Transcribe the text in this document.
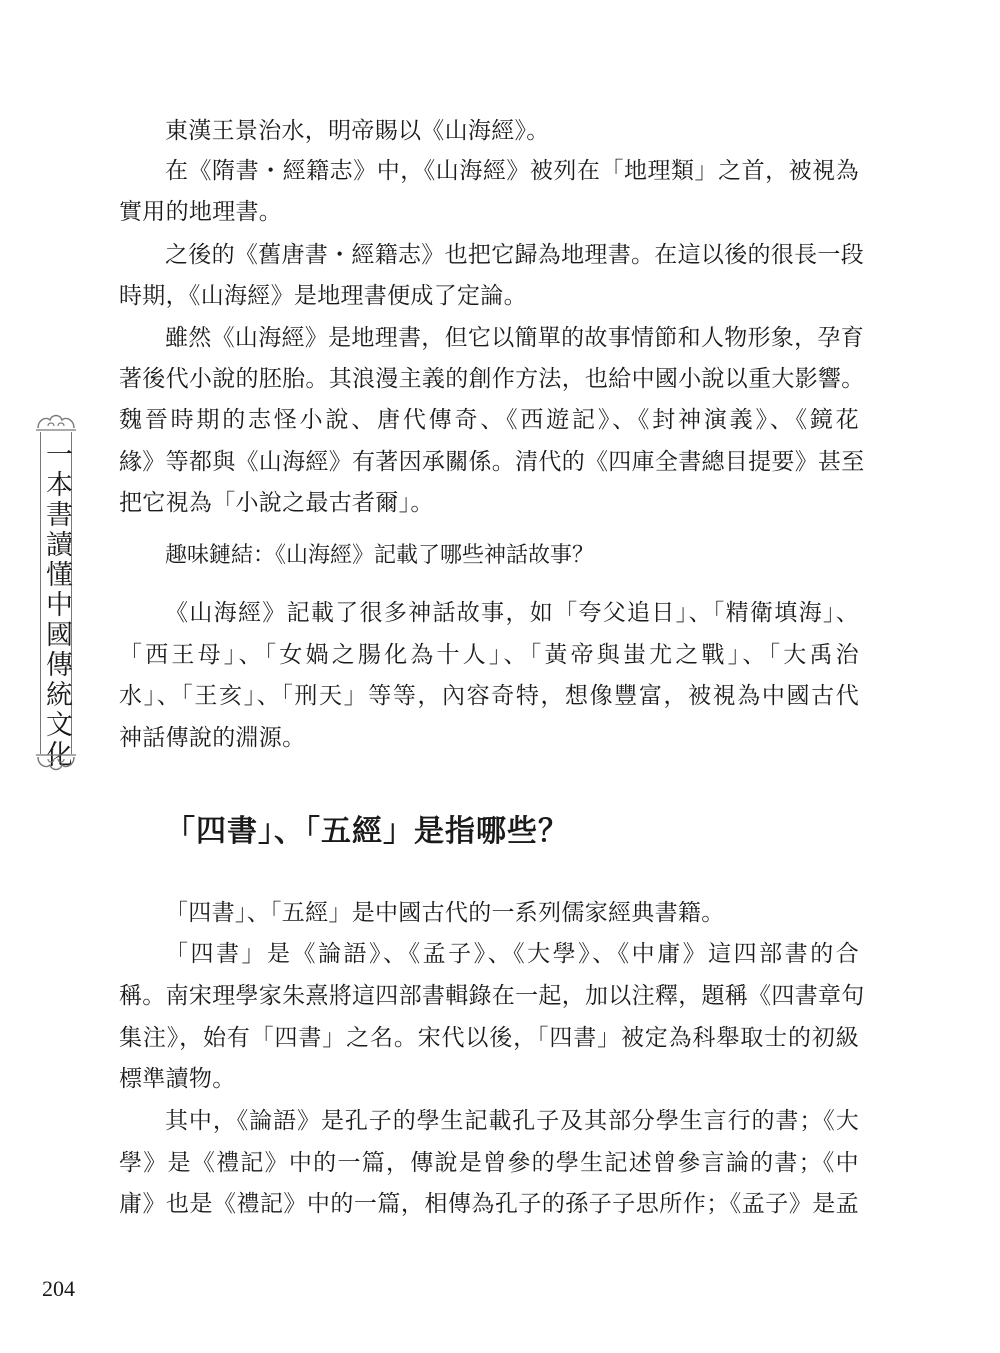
東漢王景治水，明帝賜以《山海經》。
在《隋書・經籍志》中，《山海經》被列在「地理類」之首，被視為
實用的地理書。
之後的《舊唐書・經籍志》也把它歸為地理書。在這以後的很長一段
時期，《山海經》是地理書便成了定論。
雖然《山海經》是地理書，但它以簡單的故事情節和人物形象，孕育
著後代小說的胚胎。其浪漫主義的創作方法，也給中國小說以重大影響。
魏晉時期的志怪小說、唐代傳奇、《西遊記》、《封神演義》、《鏡花
緣》等都與《山海經》有著因承關係。清代的《四庫全書總目提要》甚至
把它視為「小說之最古者爾」。
趣味鏈結：《山海經》記載了哪些神話故事？
《山海經》記載了很多神話故事，如「夸父追日」、「精衛填海」、
「西王母」、「女媧之腸化為十人」、「黃帝與蚩尤之戰」、「大禹治
水」、「王亥」、「刑天」等等，內容奇特，想像豐富，被視為中國古代
神話傳說的淵源。
「四書」、「五經」是指哪些？
「四書」、「五經」是中國古代的一系列儒家經典書籍。
「四書」是《論語》、《孟子》、《大學》、《中庸》這四部書的合
稱。南宋理學家朱熹將這四部書輯錄在一起，加以注釋，題稱《四書章句
集注》，始有「四書」之名。宋代以後，「四書」被定為科舉取士的初級
標準讀物。
其中，《論語》是孔子的學生記載孔子及其部分學生言行的書；《大
學》是《禮記》中的一篇，傳說是曾參的學生記述曾參言論的書；《中
庸》也是《禮記》中的一篇，相傳為孔子的孫子子思所作；《孟子》是孟
一本書讀懂中國傳統文化
204
